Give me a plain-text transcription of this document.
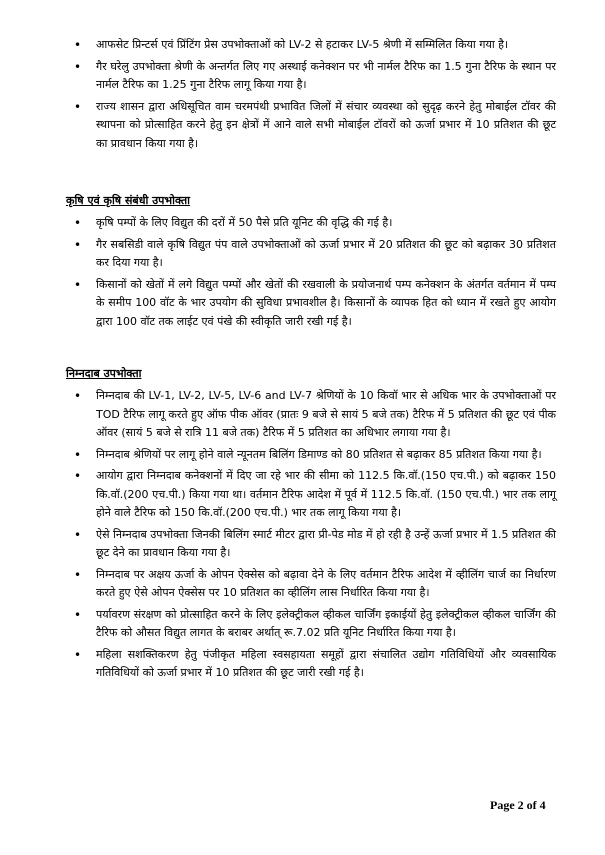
• आफसेट प्रिन्टर्स एवं प्रिंटिंग प्रेस उपभोक्ताओं को LV-2 से हटाकर LV-5 श्रेणी में सम्मिलित किया गया है।
• गैर घरेलु उपभोक्ता श्रेणी के अन्तर्गत लिए गए अस्थाई कनेक्शन पर भी नार्मल टैरिफ का 1.5 गुना टैरिफ के स्थान पर नार्मल टैरिफ का 1.25 गुना टैरिफ लागू किया गया है।
• राज्य शासन द्वारा अधिसूचित वाम चरमपंथी प्रभावित जिलों में संचार व्यवस्था को सुदृढ़ करने हेतु मोबाईल टॉवर की स्थापना को प्रोत्साहित करने हेतु इन क्षेत्रों में आने वाले सभी मोबाईल टॉवरों को ऊर्जा प्रभार में 10 प्रतिशत की छूट का प्रावधान किया गया है।
कृषि एवं कृषि संबंधी उपभोक्ता
• कृषि पम्पों के लिए विद्युत की दरों में 50 पैसे प्रति यूनिट की वृद्धि की गई है।
• गैर सबसिडी वाले कृषि विद्युत पंप वाले उपभोक्ताओं को ऊर्जा प्रभार में 20 प्रतिशत की छूट को बढ़ाकर 30 प्रतिशत कर दिया गया है।
• किसानों को खेतों में लगे विद्युत पम्पों और खेतों की रखवाली के प्रयोजनार्थ पम्प कनेक्शन के अंतर्गत वर्तमान में पम्प के समीप 100 वॉट के भार उपयोग की सुविधा प्रभावशील है। किसानों के व्यापक हित को ध्यान में रखते हुए आयोग द्वारा 100 वॉट तक लाईट एवं पंखे की स्वीकृति जारी रखी गई है।
निम्नदाब उपभोक्ता
• निम्नदाब की LV-1, LV-2, LV-5, LV-6 and LV-7 श्रेणियों के 10 किवॉ भार से अधिक भार के उपभोक्ताओं पर TOD टैरिफ लागू करते हुए ऑफ पीक ऑवर (प्रातः 9 बजे से सायं 5 बजे तक) टैरिफ में 5 प्रतिशत की छूट एवं पीक ऑवर (सायं 5 बजे से रात्रि 11 बजे तक) टैरिफ में 5 प्रतिशत का अधिभार लगाया गया है।
• निम्नदाब श्रेणियों पर लागू होने वाले न्यूनतम बिलिंग डिमाण्ड को 80 प्रतिशत से बढ़ाकर 85 प्रतिशत किया गया है।
• आयोग द्वारा निम्नदाब कनेक्शनों में दिए जा रहे भार की सीमा को 112.5 कि.वॉ.(150 एच.पी.) को बढ़ाकर 150 कि.वॉ.(200 एच.पी.) किया गया था। वर्तमान टैरिफ आदेश में पूर्व में 112.5 कि.वॉ. (150 एच.पी.) भार तक लागू होने वाले टैरिफ को 150 कि.वॉ.(200 एच.पी.) भार तक लागू किया गया है।
• ऐसे निम्नदाब उपभोक्ता जिनकी बिलिंग स्मार्ट मीटर द्वारा प्री-पेड मोड में हो रही है उन्हें ऊर्जा प्रभार में 1.5 प्रतिशत की छूट देने का प्रावधान किया गया है।
• निम्नदाब पर अक्षय ऊर्जा के ओपन ऐक्सेस को बढ़ावा देने के लिए वर्तमान टैरिफ आदेश में व्हीलिंग चार्ज का निर्धारण करते हुए ऐसे ओपन ऐक्सेस पर 10 प्रतिशत का व्हीलिंग लास निर्धारित किया गया है।
• पर्यावरण संरक्षण को प्रोत्साहित करने के लिए इलेक्ट्रीकल व्हीकल चार्जिंग इकाईयों हेतु इलेक्ट्रीकल व्हीकल चार्जिंग की टैरिफ को औसत विद्युत लागत के बराबर अर्थात् रू.7.02 प्रति यूनिट निर्धारित किया गया है।
• महिला सशक्तिकरण हेतु पंजीकृत महिला स्वसहायता समूहों द्वारा संचालित उद्योग गतिविधियों और व्यवसायिक गतिविधियों को ऊर्जा प्रभार में 10 प्रतिशत की छूट जारी रखी गई है।
Page 2 of 4
